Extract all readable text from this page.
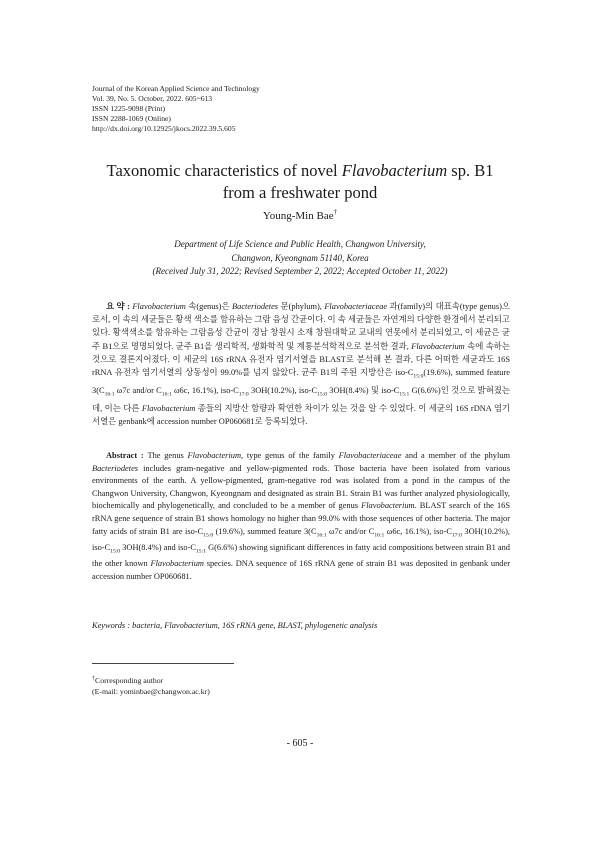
Journal of the Korean Applied Science and Technology
Vol. 39, No. 5. October, 2022. 605~613
ISSN 1225-9098 (Print)
ISSN 2288-1069 (Online)
http://dx.doi.org/10.12925/jkocs.2022.39.5.605
Taxonomic characteristics of novel Flavobacterium sp. B1
from a freshwater pond
Young-Min Bae†
Department of Life Science and Public Health, Changwon University,
Changwon, Kyeongnam 51140, Korea
(Received July 31, 2022; Revised September 2, 2022; Accepted October 11, 2022)
요 약 : Flavobacterium 속(genus)은 Bacteriodetes 문(phylum), Flavobacteriaceae 과(family)의 대표속(type genus)으로서, 이 속의 세균들은 황색 색소를 함유하는 그람 음성 간균이다. 이 속 세균들은 자연계의 다양한 환경에서 분리되고 있다. 황색색소를 함유하는 그람음성 간균이 경남 창원시 소재 창원대학교 교내의 연못에서 분리되었고, 이 세균은 균주 B1으로 명명되었다. 균주 B1을 생리학적, 생화학적 및 계통분석학적으로 분석한 결과, Flavobacterium 속에 속하는 것으로 결론지어졌다. 이 세균의 16S rRNA 유전자 염기서열을 BLAST로 분석해 본 결과, 다른 어떠한 세균과도 16S rRNA 유전자 염기서열의 상동성이 99.0%를 넘지 않았다. 균주 B1의 주된 지방산은 iso-$C_{15:0}(19.6\%)$, summed feature $3(C_{16:1}$ ω7c and/or $C_{16:1}$ ω6c, 16.1%), iso-$C_{17:0}$ 3OH(10.2%), iso-$C_{15:0}$ 3OH(8.4%) 및 iso-$C_{15:1}$ G(6.6%)인 것으로 밝혀졌는데, 이는 다른 Flavobacterium 종들의 지방산 함량과 확연한 차이가 있는 것을 알 수 있었다. 이 세균의 16S rDNA 염기서열은 genbank에 accession number OP060681로 등록되었다.
Abstract : The genus Flavobacterium, type genus of the family Flavobacteriaceae and a member of the phylum Bacteriodetes includes gram-negative and yellow-pigmented rods. Those bacteria have been isolated from various environments of the earth. A yellow-pigmented, gram-negative rod was isolated from a pond in the campus of the Changwon University, Changwon, Kyeongnam and designated as strain B1. Strain B1 was further analyzed physiologically, biochemically and phylogenetically, and concluded to be a member of genus Flavobacterium. BLAST search of the 16S rRNA gene sequence of strain B1 shows homology no higher than 99.0% with those sequences of other bacteria. The major fatty acids of strain B1 are iso-$C_{15:0}$ (19.6%), summed feature $3(C_{16:1}$ ω7c and/or $C_{16:1}$ ω6c, 16.1%), iso-$C_{17:0}$ 3OH(10.2%), iso-$C_{15:0}$ 3OH(8.4%) and iso-$C_{15:1}$ G(6.6%) showing significant differences in fatty acid compositions between strain B1 and the other known Flavobacterium species. DNA sequence of 16S rRNA gene of strain B1 was deposited in genbank under accession number OP060681.
Keywords : bacteria, Flavobacterium, 16S rRNA gene, BLAST, phylogenetic analysis
†Corresponding author
(E-mail: yominbae@changwon.ac.kr)
- 605 -
